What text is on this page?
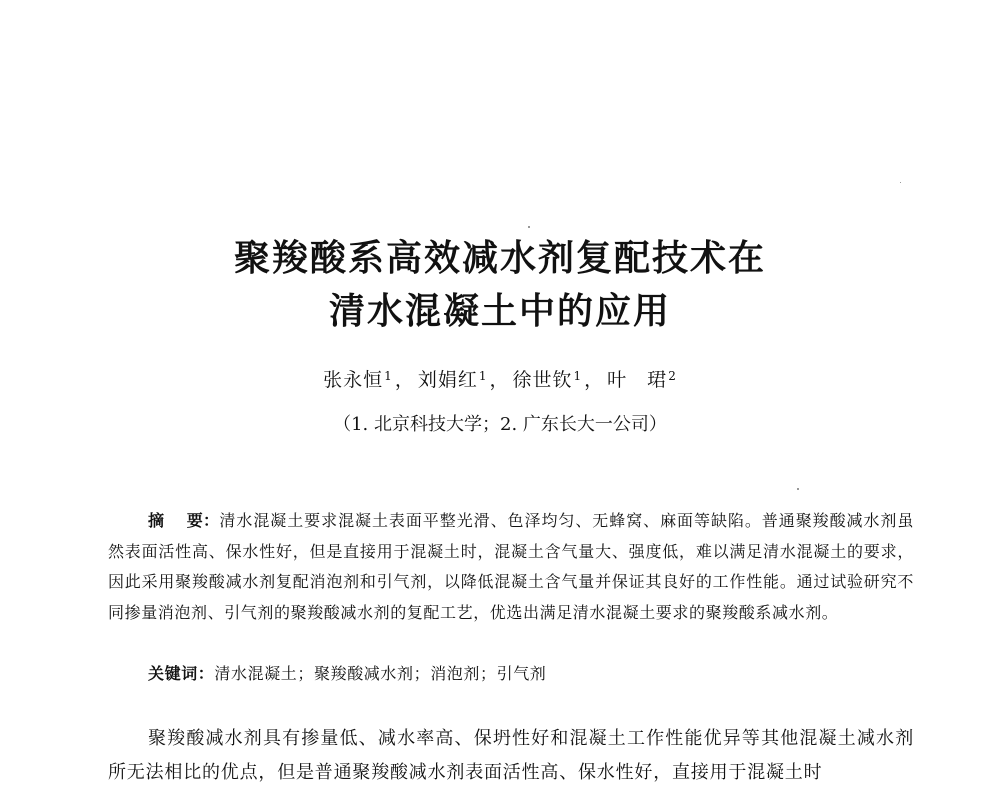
聚羧酸系高效减水剂复配技术在
清水混凝土中的应用
张永恒$^1$ ， 刘娟红$^1$ ， 徐世钦$^1$ ， 叶　珺$^2$
（1. 北京科技大学；2. 广东长大一公司）
摘 要：清水混凝土要求混凝土表面平整光滑、色泽均匀、无蜂窝、麻面等缺陷。普通聚羧酸减水剂虽然表面活性高、保水性好，但是直接用于混凝土时，混凝土含气量大、强度低，难以满足清水混凝土的要求，因此采用聚羧酸减水剂复配消泡剂和引气剂，以降低混凝土含气量并保证其良好的工作性能。通过试验研究不同掺量消泡剂、引气剂的聚羧酸减水剂的复配工艺，优选出满足清水混凝土要求的聚羧酸系减水剂。
关键词：清水混凝土；聚羧酸减水剂；消泡剂；引气剂
聚羧酸减水剂具有掺量低、减水率高、保坍性好和混凝土工作性能优异等其他混凝土减水剂所无法相比的优点，但是普通聚羧酸减水剂表面活性高、保水性好，直接用于混凝土时
